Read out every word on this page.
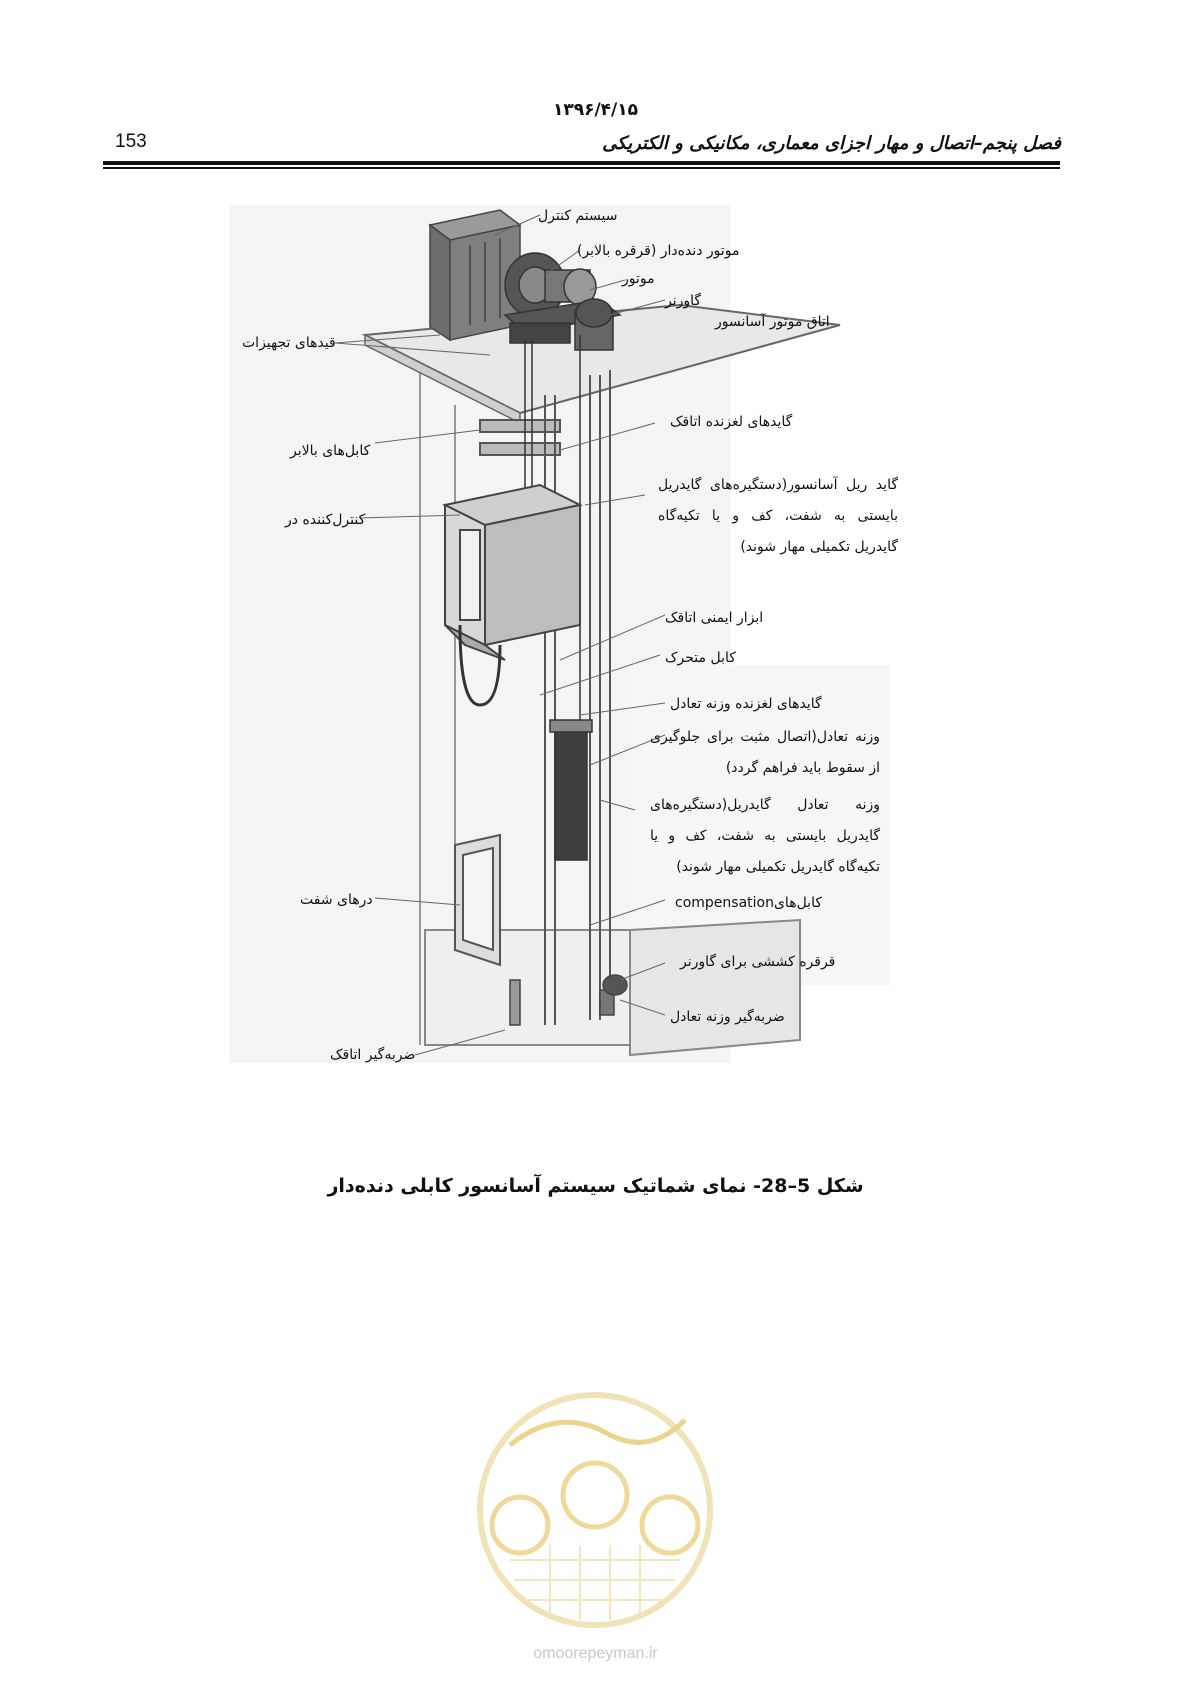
۱۳۹۶/۴/۱۵
153	فصل پنجم–اتصال و مهار اجزای معماری، مکانیکی و الکتریکی
سیستم کنترل
موتور دنده‌دار (قرقره بالابر)
موتور
گاورنر
اتاق موتور آسانسور
قیدهای تجهیزات
گایدهای لغزنده اتاقک
کابل‌های بالابر
گاید ریل آسانسور(دستگیره‌های گایدریل بایستی به شفت، کف و یا تکیه‌گاه گایدریل تکمیلی مهار شوند)
کنترل‌کننده در
ابزار ایمنی اتاقک
کابل متحرک
گایدهای لغزنده وزنه تعادل
وزنه تعادل(اتصال مثبت برای جلوگیری از سقوط باید فراهم گردد)
وزنه تعادل گایدریل(دستگیره‌های گایدریل بایستی به شفت، کف و یا تکیه‌گاه گایدریل تکمیلی مهار شوند)
درهای شفت	کابل‌هایcompensation
قرقره کششی برای گاورنر
ضربه‌گیر وزنه تعادل
ضربه‌گیر اتاقک
شکل 5–28- نمای شماتیک سیستم آسانسور کابلی دنده‌دار
omoorepeyman.ir
